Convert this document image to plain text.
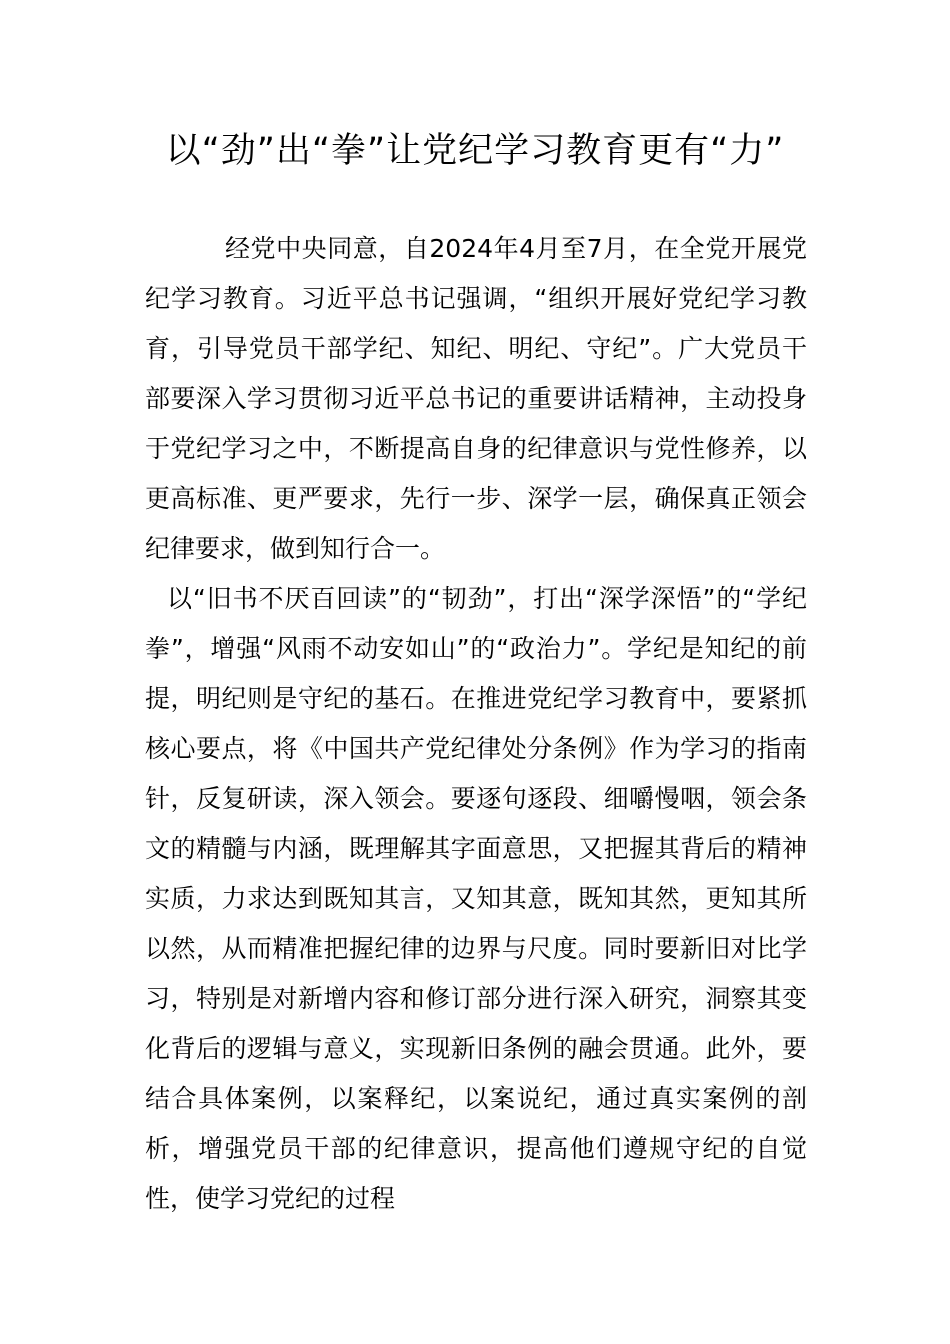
以“劲”出“拳”让党纪学习教育更有“力”

经党中央同意，自2024年4月至7月，在全党开展党纪学习教育。习近平总书记强调，“组织开展好党纪学习教育，引导党员干部学纪、知纪、明纪、守纪”。广大党员干部要深入学习贯彻习近平总书记的重要讲话精神，主动投身于党纪学习之中，不断提高自身的纪律意识与党性修养，以更高标准、更严要求，先行一步、深学一层，确保真正领会纪律要求，做到知行合一。

以“旧书不厌百回读”的“韧劲”，打出“深学深悟”的“学纪拳”，增强“风雨不动安如山”的“政治力”。学纪是知纪的前提，明纪则是守纪的基石。在推进党纪学习教育中，要紧抓核心要点，将《中国共产党纪律处分条例》作为学习的指南针，反复研读，深入领会。要逐句逐段、细嚼慢咽，领会条文的精髓与内涵，既理解其字面意思，又把握其背后的精神实质，力求达到既知其言，又知其意，既知其然，更知其所以然，从而精准把握纪律的边界与尺度。同时要新旧对比学习，特别是对新增内容和修订部分进行深入研究，洞察其变化背后的逻辑与意义，实现新旧条例的融会贯通。此外，要结合具体案例，以案释纪，以案说纪，通过真实案例的剖析，增强党员干部的纪律意识，提高他们遵规守纪的自觉性，使学习党纪的过程
